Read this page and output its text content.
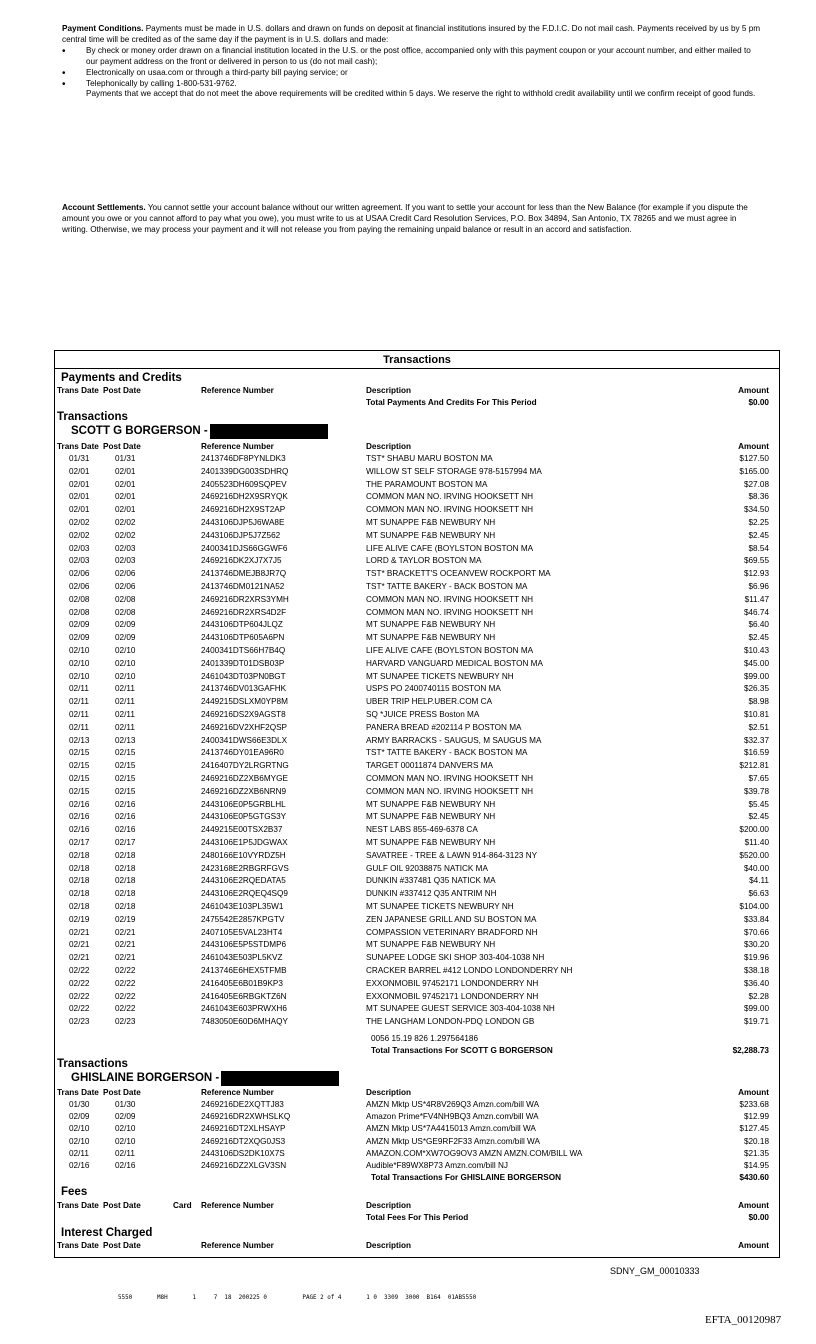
Payment Conditions. Payments must be made in U.S. dollars and drawn on funds on deposit at financial institutions insured by the F.D.I.C. Do not mail cash. Payments received by us by 5 pm central time will be credited as of the same day if the payment is in U.S. dollars and made:
• By check or money order drawn on a financial institution located in the U.S. or the post office, accompanied only with this payment coupon or your account number, and either mailed to our payment address on the front or delivered in person to us (do not mail cash);
• Electronically on usaa.com or through a third-party bill paying service; or
• Telephonically by calling 1-800-531-9762.
Payments that we accept that do not meet the above requirements will be credited within 5 days. We reserve the right to withhold credit availability until we confirm receipt of good funds.
Account Settlements. You cannot settle your account balance without our written agreement. If you want to settle your account for less than the New Balance (for example if you dispute the amount you owe or you cannot afford to pay what you owe), you must write to us at USAA Credit Card Resolution Services, P.O. Box 34894, San Antonio, TX 78265 and we must agree in writing. Otherwise, we may process your payment and it will not release you from paying the remaining unpaid balance or result in an accord and satisfaction.
Transactions
Payments and Credits
Trans Date Post Date	Reference Number	Description	Amount
Total Payments And Credits For This Period	$0.00
Transactions
SCOTT G BORGERSON -
Trans Date Post Date	Reference Number	Description	Amount
01/31	01/31	2413746DF8PYNLDK3	TST* SHABU MARU BOSTON MA	$127.50
02/01	02/01	2401339DG003SDHRQ	WILLOW ST SELF STORAGE 978-5157994 MA	$165.00
02/01	02/01	2405523DH609SQPEV	THE PARAMOUNT BOSTON MA	$27.08
02/01	02/01	2469216DH2X9SRYQK	COMMON MAN NO. IRVING HOOKSETT NH	$8.36
02/01	02/01	2469216DH2X9ST2AP	COMMON MAN NO. IRVING HOOKSETT NH	$34.50
02/02	02/02	2443106DJP5J6WA8E	MT SUNAPPE F&B NEWBURY NH	$2.25
02/02	02/02	2443106DJP5J7Z562	MT SUNAPPE F&B NEWBURY NH	$2.45
02/03	02/03	2400341DJS66GGWF6	LIFE ALIVE CAFE (BOYLSTON BOSTON MA	$8.54
02/03	02/03	2469216DK2XJ7X7J5	LORD & TAYLOR BOSTON MA	$69.55
02/06	02/06	2413746DMEJB8JR7Q	TST* BRACKETT'S OCEANVEW ROCKPORT MA	$12.93
02/06	02/06	2413746DM0121NA52	TST* TATTE BAKERY - BACK BOSTON MA	$6.96
02/08	02/08	2469216DR2XRS3YMH	COMMON MAN NO. IRVING HOOKSETT NH	$11.47
02/08	02/08	2469216DR2XRS4D2F	COMMON MAN NO. IRVING HOOKSETT NH	$46.74
02/09	02/09	2443106DTP604JLQZ	MT SUNAPPE F&B NEWBURY NH	$6.40
02/09	02/09	2443106DTP605A6PN	MT SUNAPPE F&B NEWBURY NH	$2.45
02/10	02/10	2400341DTS66H7B4Q	LIFE ALIVE CAFE (BOYLSTON BOSTON MA	$10.43
02/10	02/10	2401339DT01DSB03P	HARVARD VANGUARD MEDICAL BOSTON MA	$45.00
02/10	02/10	2461043DT03PN0BGT	MT SUNAPEE TICKETS NEWBURY NH	$99.00
02/11	02/11	2413746DV013GAFHK	USPS PO 2400740115 BOSTON MA	$26.35
02/11	02/11	2449215DSLXM0YP8M	UBER TRIP HELP.UBER.COM CA	$8.98
02/11	02/11	2469216DS2X9AGST8	SQ *JUICE PRESS Boston MA	$10.81
02/11	02/11	2469216DV2XHF2QSP	PANERA BREAD #202114 P BOSTON MA	$2.51
02/13	02/13	2400341DWS66E3DLX	ARMY BARRACKS - SAUGUS, M SAUGUS MA	$32.37
02/15	02/15	2413746DY01EA96R0	TST* TATTE BAKERY - BACK BOSTON MA	$16.59
02/15	02/15	2416407DY2LRGRTNG	TARGET 00011874 DANVERS MA	$212.81
02/15	02/15	2469216DZ2XB6MYGE	COMMON MAN NO. IRVING HOOKSETT NH	$7.65
02/15	02/15	2469216DZ2XB6NRN9	COMMON MAN NO. IRVING HOOKSETT NH	$39.78
02/16	02/16	2443106E0P5GRBLHL	MT SUNAPPE F&B NEWBURY NH	$5.45
02/16	02/16	2443106E0P5GTGS3Y	MT SUNAPPE F&B NEWBURY NH	$2.45
02/16	02/16	2449215E00TSX2B37	NEST LABS 855-469-6378 CA	$200.00
02/17	02/17	2443106E1P5JDGWAX	MT SUNAPPE F&B NEWBURY NH	$11.40
02/18	02/18	2480166E10VYRDZ5H	SAVATREE - TREE & LAWN 914-864-3123 NY	$520.00
02/18	02/18	2423168E2RBGRFGVS	GULF OIL 92038875 NATICK MA	$40.00
02/18	02/18	2443106E2RQEDATA5	DUNKIN #337481 Q35 NATICK MA	$4.11
02/18	02/18	2443106E2RQEQ4SQ9	DUNKIN #337412 Q35 ANTRIM NH	$6.63
02/18	02/18	2461043E103PL35W1	MT SUNAPEE TICKETS NEWBURY NH	$104.00
02/19	02/19	2475542E2857KPGTV	ZEN JAPANESE GRILL AND SU BOSTON MA	$33.84
02/21	02/21	2407105E5VAL23HT4	COMPASSION VETERINARY BRADFORD NH	$70.66
02/21	02/21	2443106E5P5STDMP6	MT SUNAPPE F&B NEWBURY NH	$30.20
02/21	02/21	2461043E503PL5KVZ	SUNAPEE LODGE SKI SHOP 303-404-1038 NH	$19.96
02/22	02/22	2413746E6HEX5TFMB	CRACKER BARREL #412 LONDO LONDONDERRY NH	$38.18
02/22	02/22	2416405E6B01B9KP3	EXXONMOBIL 97452171 LONDONDERRY NH	$36.40
02/22	02/22	2416405E6RBGKTZ6N	EXXONMOBIL 97452171 LONDONDERRY NH	$2.28
02/22	02/22	2461043E603PRWXH6	MT SUNAPEE GUEST SERVICE 303-404-1038 NH	$99.00
02/23	02/23	7483050E60D6MHAQY	THE LANGHAM LONDON-PDQ LONDON GB	$19.71
0056 15.19 826 1.297564186
Total Transactions For SCOTT G BORGERSON	$2,288.73
Transactions
GHISLAINE BORGERSON -
Trans Date Post Date	Reference Number	Description	Amount
01/30	01/30	2469216DE2XQTTJ83	AMZN Mktp US*4R8V269Q3 Amzn.com/bill WA	$233.68
02/09	02/09	2469216DR2XWHSLKQ	Amazon Prime*FV4NH9BQ3 Amzn.com/bill WA	$12.99
02/10	02/10	2469216DT2XLHSAYP	AMZN Mktp US*7A4415013 Amzn.com/bill WA	$127.45
02/10	02/10	2469216DT2XQG0JS3	AMZN Mktp US*GE9RF2F33 Amzn.com/bill WA	$20.18
02/11	02/11	2443106DS2DK10X7S	AMAZON.COM*XW7OG9OV3 AMZN AMZN.COM/BILL WA	$21.35
02/16	02/16	2469216DZ2XLGV3SN	Audible*F89WX8P73 Amzn.com/bill NJ	$14.95
Total Transactions For GHISLAINE BORGERSON	$430.60
Fees
Trans Date Post Date	Card Reference Number	Description	Amount
Total Fees For This Period	$0.00
Interest Charged
Trans Date Post Date	Reference Number	Description	Amount
SDNY_GM_00010333
5550       M8H       1     7  18  200225 0          PAGE 2 of 4       1 0  3309  3000  B164  01AB5550
EFTA_00120987
